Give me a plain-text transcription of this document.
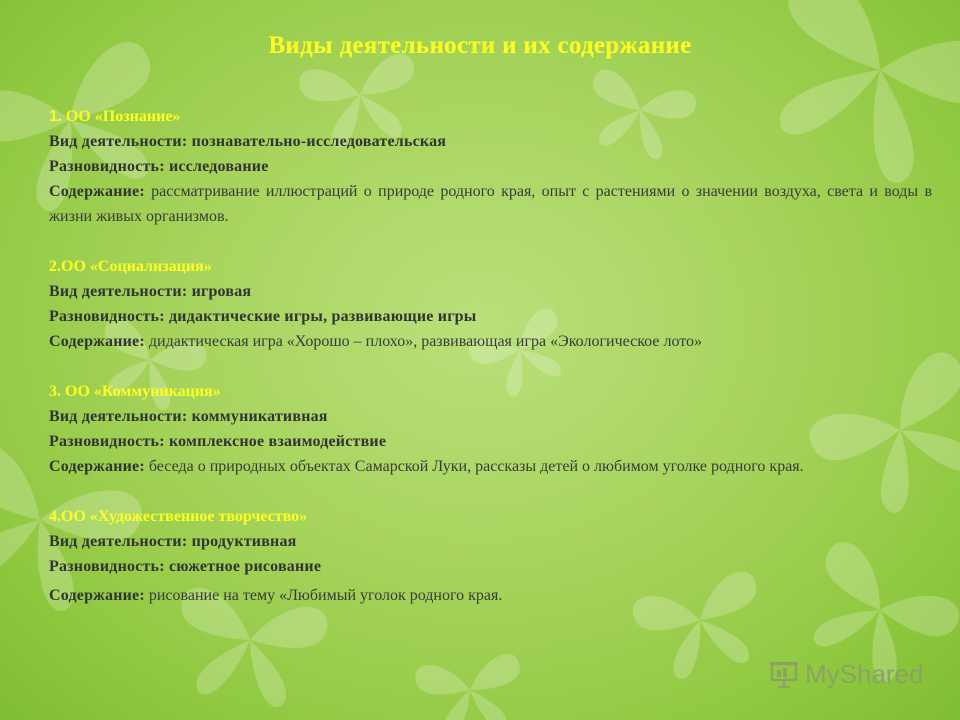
Виды деятельности и их содержание
1. ОО «Познание»
Вид деятельности: познавательно-исследовательская
Разновидность: исследование
Содержание: рассматривание иллюстраций о природе родного края, опыт с растениями о значении воздуха, света и воды в жизни живых организмов.
2.ОО «Социализация»
Вид деятельности: игровая
Разновидность: дидактические игры, развивающие игры
Содержание: дидактическая игра «Хорошо – плохо», развивающая игра «Экологическое лото»
3. ОО «Коммуникация»
Вид деятельности: коммуникативная
Разновидность: комплексное взаимодействие
Содержание: беседа о природных объектах Самарской Луки, рассказы детей о любимом уголке родного края.
4.ОО «Художественное творчество»
Вид деятельности: продуктивная
Разновидность: сюжетное рисование
Содержание: рисование на тему «Любимый уголок родного края.
MyShared
